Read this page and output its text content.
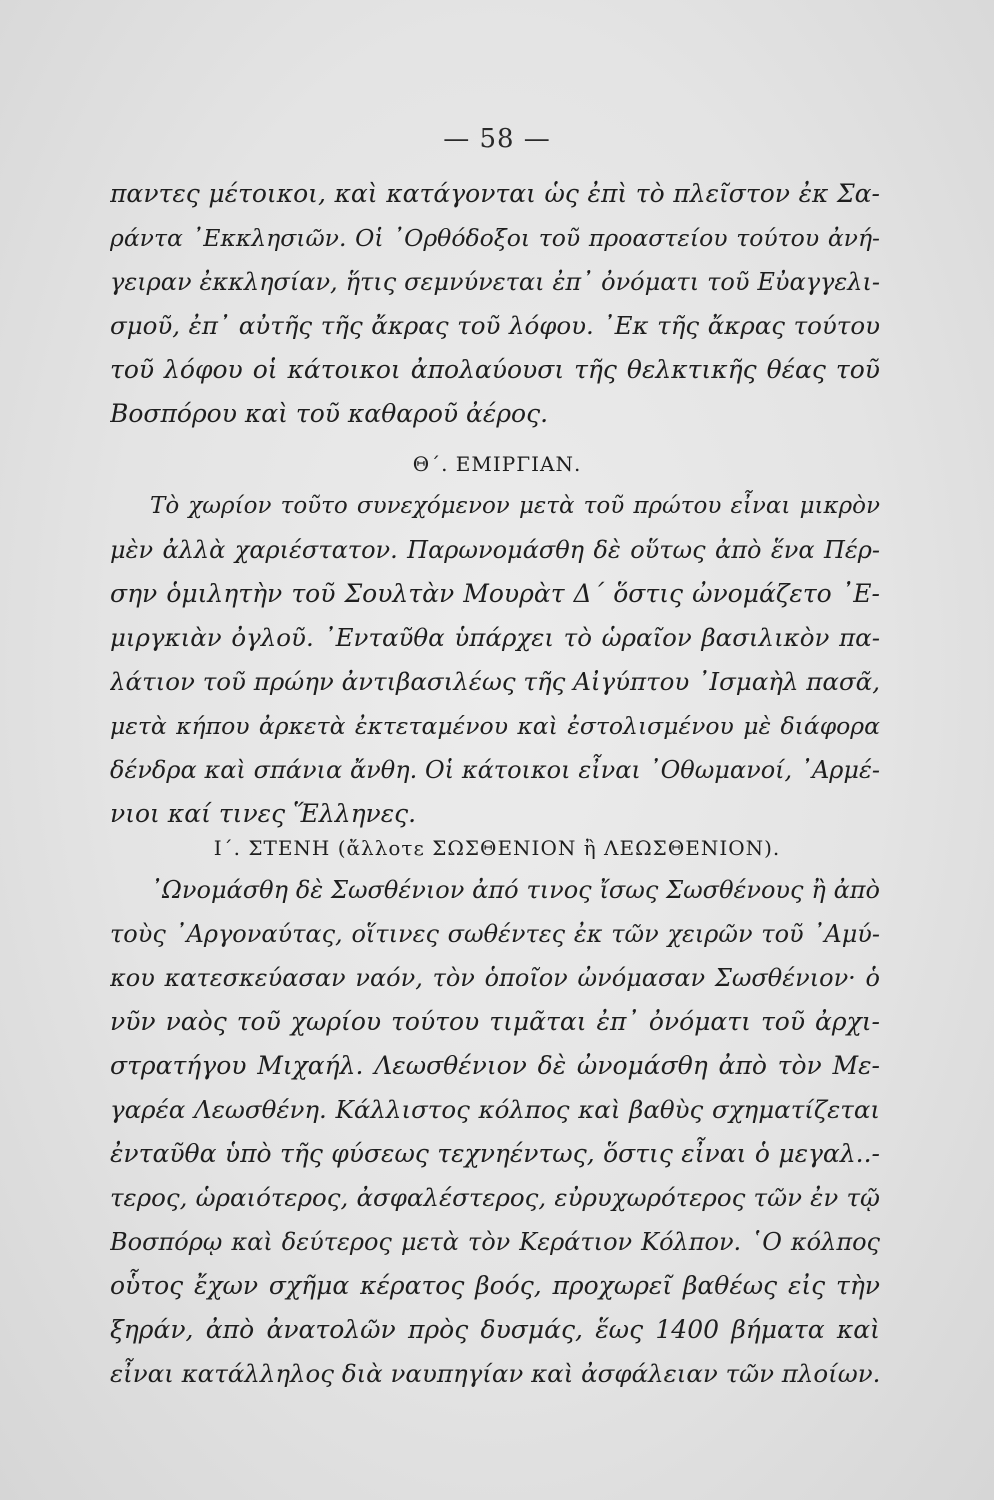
— 58 —
παντες μέτοικοι, καὶ κατάγονται ὡς ἐπὶ τὸ πλεῖστον ἐκ Σα-
ράντα ᾿Εκκλησιῶν. Οἱ ᾿Ορθόδοξοι τοῦ προαστείου τούτου ἀνή-
γειραν ἐκκλησίαν, ἥτις σεμνύνεται ἐπ᾿ ὀνόματι τοῦ Εὐαγγελι-
σμοῦ, ἐπ᾿ αὐτῆς τῆς ἄκρας τοῦ λόφου. ᾿Εκ τῆς ἄκρας τούτου
τοῦ λόφου οἱ κάτοικοι ἀπολαύουσι τῆς θελκτικῆς θέας τοῦ
Βοσπόρου καὶ τοῦ καθαροῦ ἀέρος.
Θ΄. ΕΜΙΡΓΙΑΝ.
Τὸ χωρίον τοῦτο συνεχόμενον μετὰ τοῦ πρώτου εἶναι μικρὸν
μὲν ἀλλὰ χαριέστατον. Παρωνομάσθη δὲ οὕτως ἀπὸ ἕνα Πέρ-
σην ὁμιλητὴν τοῦ Σουλτὰν Μουρὰτ Δ΄ ὅστις ὠνομάζετο ᾿Ε-
μιργκιὰν ὀγλοῦ. ᾿Ενταῦθα ὑπάρχει τὸ ὡραῖον βασιλικὸν πα-
λάτιον τοῦ πρώην ἀντιβασιλέως τῆς Αἰγύπτου ᾿Ισμαὴλ πασᾶ,
μετὰ κήπου ἀρκετὰ ἐκτεταμένου καὶ ἐστολισμένου μὲ διάφορα
δένδρα καὶ σπάνια ἄνθη. Οἱ κάτοικοι εἶναι ᾿Οθωμανοί, ᾿Αρμέ-
νιοι καί τινες Ἕλληνες.
Ι΄. ΣΤΕΝΗ (ἄλλοτε ΣΩΣΘΕΝΙΟΝ ἢ ΛΕΩΣΘΕΝΙΟΝ).
᾿Ωνομάσθη δὲ Σωσθένιον ἀπό τινος ἴσως Σωσθένους ἢ ἀπὸ
τοὺς ᾿Αργοναύτας, οἵτινες σωθέντες ἐκ τῶν χειρῶν τοῦ ᾿Αμύ-
κου κατεσκεύασαν ναόν, τὸν ὁποῖον ὠνόμασαν Σωσθένιον· ὁ
νῦν ναὸς τοῦ χωρίου τούτου τιμᾶται ἐπ᾿ ὀνόματι τοῦ ἀρχι-
στρατήγου Μιχαήλ. Λεωσθένιον δὲ ὠνομάσθη ἀπὸ τὸν Με-
γαρέα Λεωσθένη. Κάλλιστος κόλπος καὶ βαθὺς σχηματίζεται
ἐνταῦθα ὑπὸ τῆς φύσεως τεχνηέντως, ὅστις εἶναι ὁ μεγαλ..-
τερος, ὡραιότερος, ἀσφαλέστερος, εὐρυχωρότερος τῶν ἐν τῷ
Βοσπόρῳ καὶ δεύτερος μετὰ τὸν Κεράτιον Κόλπον. ῾Ο κόλπος
οὗτος ἔχων σχῆμα κέρατος βοός, προχωρεῖ βαθέως εἰς τὴν
ξηράν, ἀπὸ ἀνατολῶν πρὸς δυσμάς, ἕως 1400 βήματα καὶ
εἶναι κατάλληλος διὰ ναυπηγίαν καὶ ἀσφάλειαν τῶν πλοίων.
